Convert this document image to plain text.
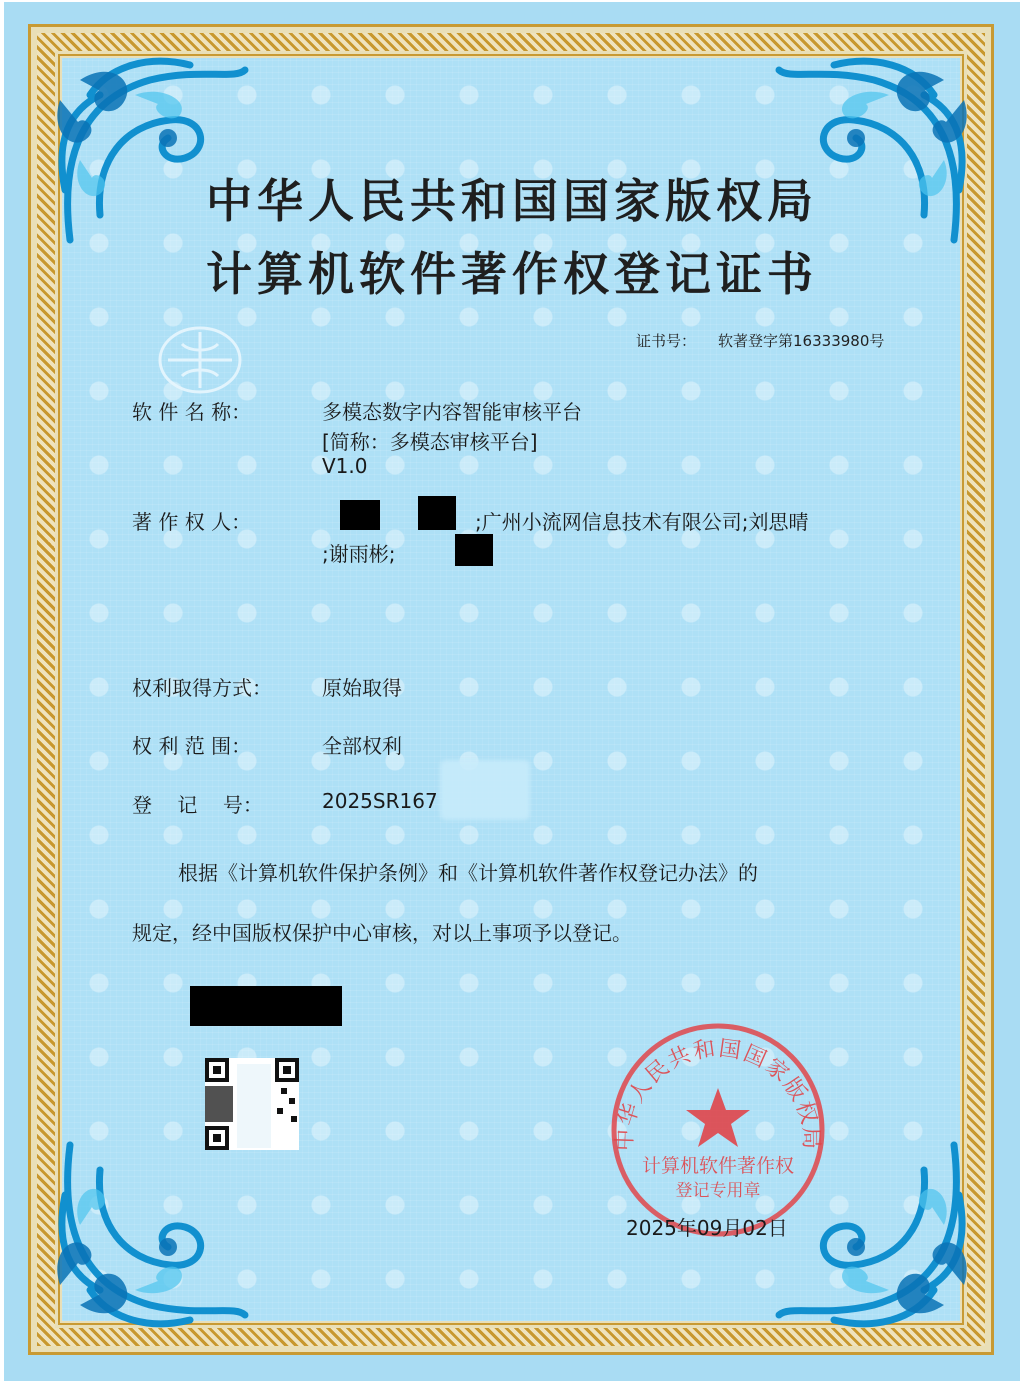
中华人民共和国国家版权局
计算机软件著作权登记证书
证书号： 软著登字第16333980号
软 件 名 称：	多模态数字内容智能审核平台
[简称：多模态审核平台]
V1.0
著 作 权 人：	;广州小流网信息技术有限公司;刘思晴
;谢雨彬;
权利取得方式：	原始取得
权 利 范 围：	全部权利
登    记    号：	2025SR167
根据《计算机软件保护条例》和《计算机软件著作权登记办法》的
规定，经中国版权保护中心审核，对以上事项予以登记。
中华人民共和国国家版权局
计算机软件著作权
登记专用章
2025年09月02日
